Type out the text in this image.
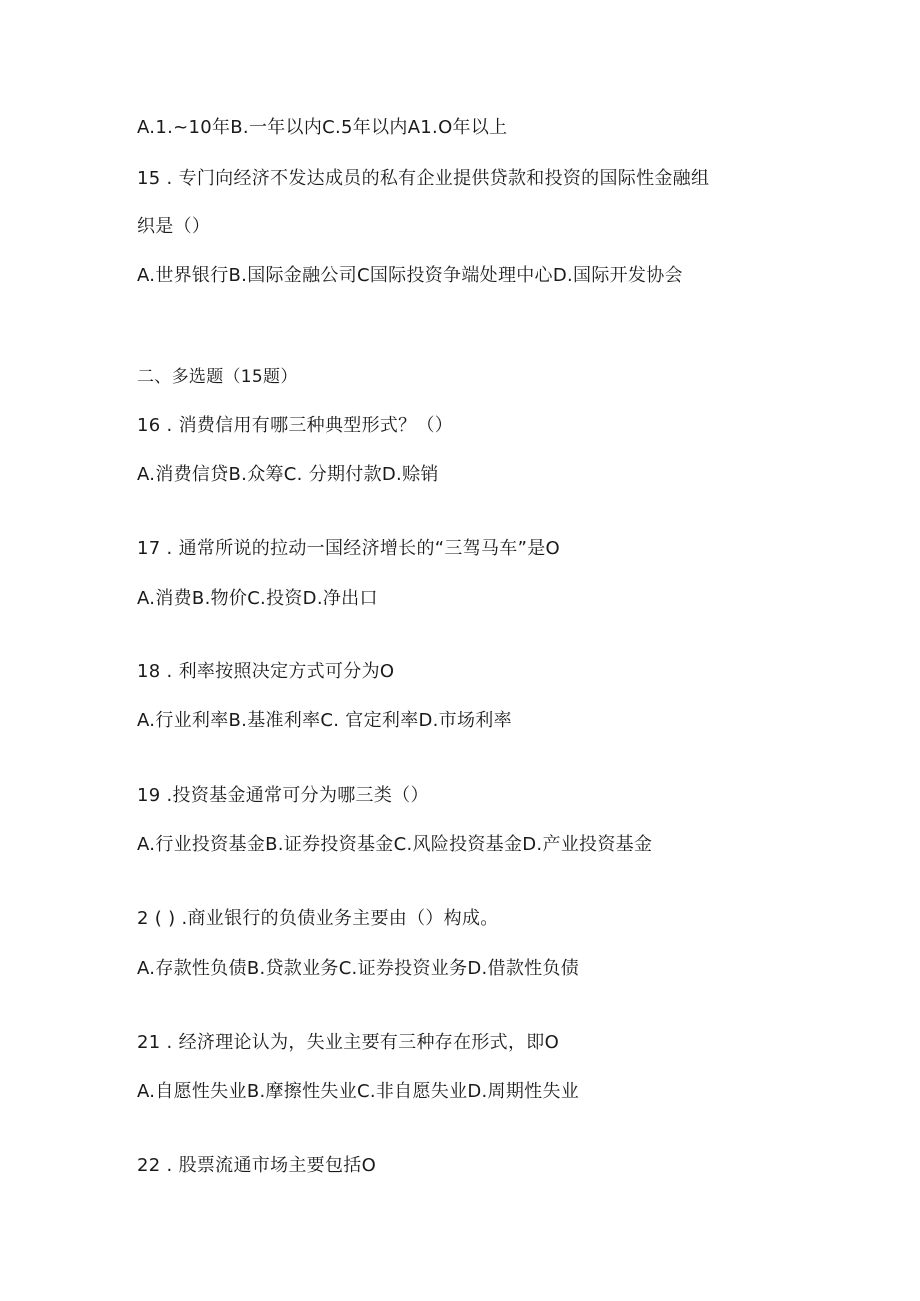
A.1.~10年B.一年以内C.5年以内A1.O年以上
15 . 专门向经济不发达成员的私有企业提供贷款和投资的国际性金融组
织是（）
A.世界银行B.国际金融公司C国际投资争端处理中心D.国际开发协会
二、多选题（15题）
16 . 消费信用有哪三种典型形式？（）
A.消费信贷B.众筹C. 分期付款D.赊销
17 . 通常所说的拉动一国经济增长的“三驾马车”是O
A.消费B.物价C.投资D.净出口
18 . 利率按照决定方式可分为O
A.行业利率B.基准利率C. 官定利率D.市场利率
19 .投资基金通常可分为哪三类（）
A.行业投资基金B.证券投资基金C.风险投资基金D.产业投资基金
2 ( ) .商业银行的负债业务主要由（）构成。
A.存款性负债B.贷款业务C.证券投资业务D.借款性负债
21 . 经济理论认为，失业主要有三种存在形式，即O
A.自愿性失业B.摩擦性失业C.非自愿失业D.周期性失业
22 . 股票流通市场主要包括O
